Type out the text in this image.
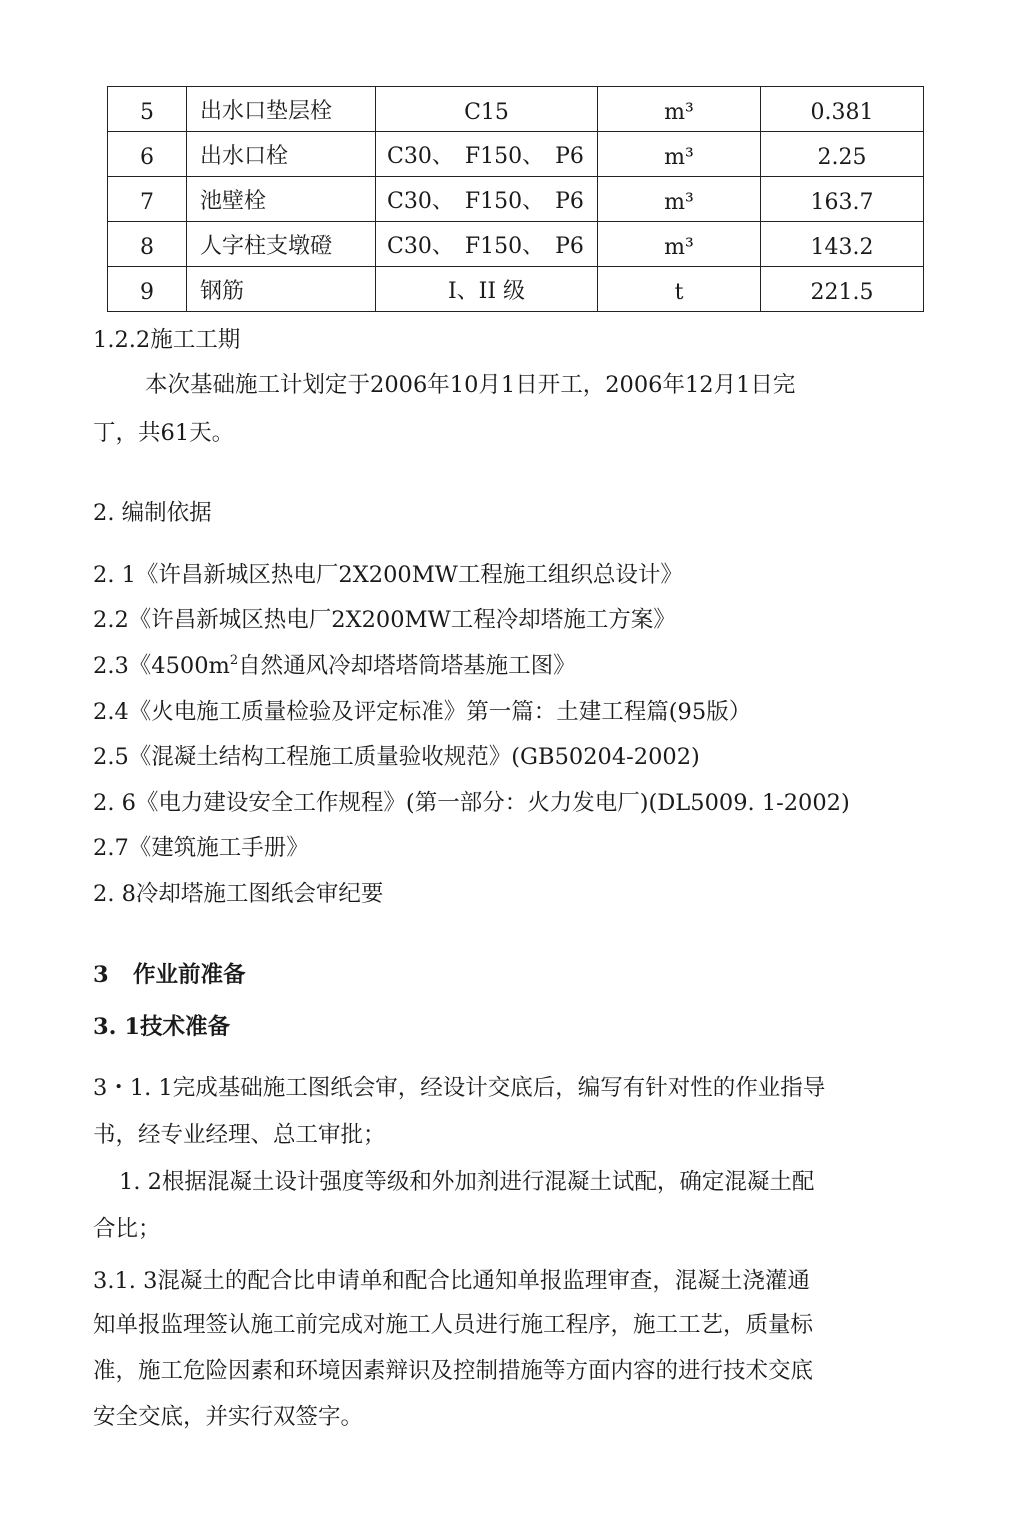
5	出水口垫层栓	C15	m³	0.381
6	出水口栓	C30、　F150、　P6	m³	2.25
7	池壁栓	C30、　F150、　P6	m³	163.7
8	人字柱支墩磴	C30、　F150、　P6	m³	143.2
9	钢筋	I、II 级	t	221.5
1.2.2施工工期
本次基础施工计划定于2006年10月1日开工，2006年12月1日完
丁，共61天。
2. 编制依据
2. 1《许昌新城区热电厂2X200MW工程施工组织总设计》
2.2《许昌新城区热电厂2X200MW工程冷却塔施工方案》
2.3《$4500m^2$自然通风冷却塔塔筒塔基施工图》
2.4《火电施工质量检验及评定标准》第一篇：土建工程篇(95版）
2.5《混凝土结构工程施工质量验收规范》(GB50204-2002)
2. 6《电力建设安全工作规程》(第一部分：火力发电厂)(DL5009. 1-2002)
2.7《建筑施工手册》
2. 8冷却塔施工图纸会审纪要
3 作业前准备
3. 1技术准备
3・1. 1完成基础施工图纸会审，经设计交底后，编写有针对性的作业指导
书，经专业经理、总工审批；
1. 2根据混凝土设计强度等级和外加剂进行混凝土试配，确定混凝土配
合比；
3.1. 3混凝土的配合比申请单和配合比通知单报监理审查，混凝土浇灌通
知单报监理签认施工前完成对施工人员进行施工程序，施工工艺，质量标
准，施工危险因素和环境因素辩识及控制措施等方面内容的进行技术交底
安全交底，并实行双签字。
